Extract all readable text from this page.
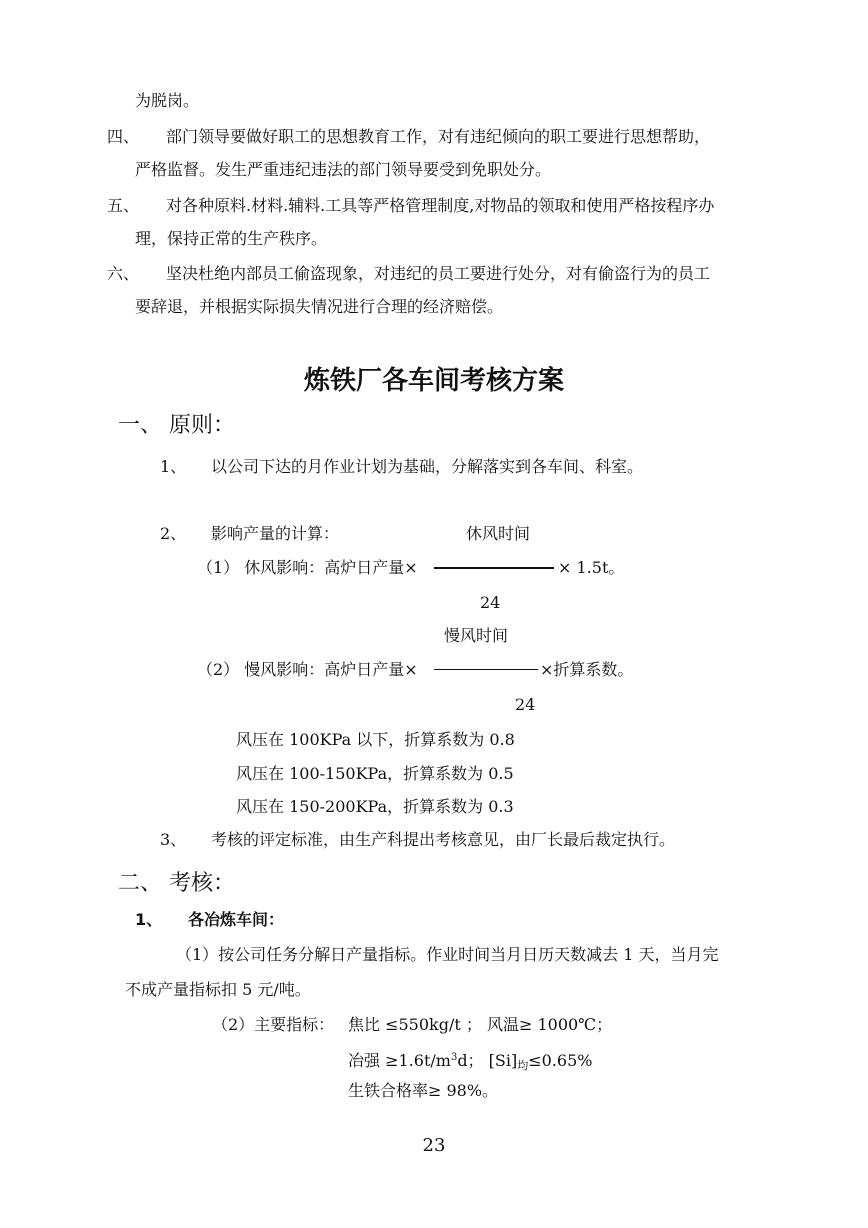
为脱岗。
四、 部门领导要做好职工的思想教育工作，对有违纪倾向的职工要进行思想帮助，
严格监督。发生严重违纪违法的部门领导要受到免职处分。
五、 对各种原料.材料.辅料.工具等严格管理制度,对物品的领取和使用严格按程序办
理，保持正常的生产秩序。
六、 坚决杜绝内部员工偷盗现象，对违纪的员工要进行处分，对有偷盗行为的员工
要辞退，并根据实际损失情况进行合理的经济赔偿。
炼铁厂各车间考核方案
一、 原则：
1、 以公司下达的月作业计划为基础，分解落实到各车间、科室。
2、 影响产量的计算：	休风时间
（1） 休风影响：高炉日产量×	× 1.5t。
24
慢风时间
（2） 慢风影响：高炉日产量×	×折算系数。
24
风压在 100KPa 以下，折算系数为 0.8
风压在 100-150KPa，折算系数为 0.5
风压在 150-200KPa，折算系数为 0.3
3、 考核的评定标准，由生产科提出考核意见，由厂长最后裁定执行。
二、 考核：
1、 各冶炼车间：
（1）按公司任务分解日产量指标。作业时间当月日历天数减去 1 天，当月完
不成产量指标扣 5 元/吨。
（2）主要指标： 焦比 ≤550kg/t ； 风温≥ 1000℃；
冶强 $\ge 1.6t/m^3d$； $[Si]_均\le 0.65\%$
生铁合格率≥ 98%。
23
